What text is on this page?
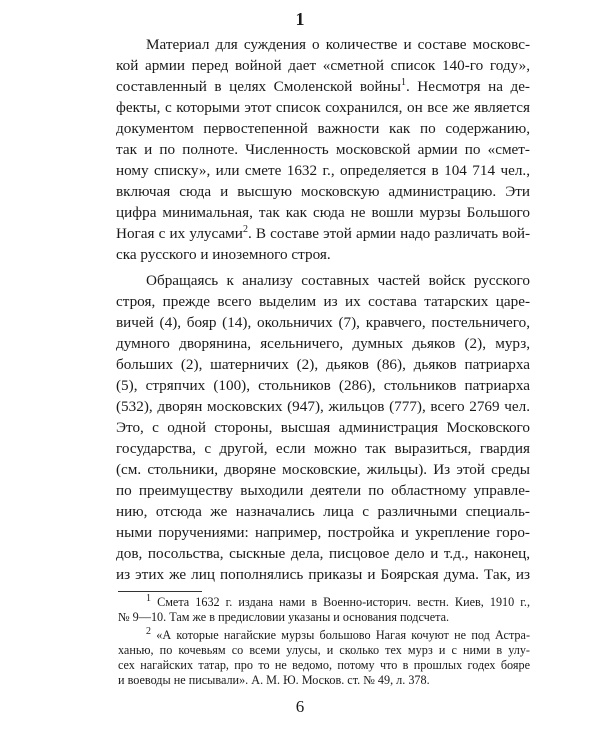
1
Материал для суждения о количестве и составе московс-
кой армии перед войной дает «сметной список 140-го году»,
составленный в целях Смоленской войны$^1$. Несмотря на де-
фекты, с которыми этот список сохранился, он все же является
документом первостепенной важности как по содержанию,
так и по полноте. Численность московской армии по «смет-
ному списку», или смете 1632 г., определяется в 104 714 чел.,
включая сюда и высшую московскую администрацию. Эти
цифра минимальная, так как сюда не вошли мурзы Большого
Ногая с их улусами$^2$. В составе этой армии надо различать вой-
ска русского и иноземного строя.
Обращаясь к анализу составных частей войск русского
строя, прежде всего выделим из их состава татарских царе-
вичей (4), бояр (14), окольничих (7), кравчего, постельничего,
думного дворянина, ясельничего, думных дьяков (2), мурз,
больших (2), шатерничих (2), дьяков (86), дьяков патриарха
(5), стряпчих (100), стольников (286), стольников патриарха
(532), дворян московских (947), жильцов (777), всего 2769 чел.
Это, с одной стороны, высшая администрация Московского
государства, с другой, если можно так выразиться, гвардия
(см. стольники, дворяне московские, жильцы). Из этой среды
по преимуществу выходили деятели по областному управле-
нию, отсюда же назначались лица с различными специаль-
ными поручениями: например, постройка и укрепление горо-
дов, посольства, сыскные дела, писцовое дело и т.д., наконец,
из этих же лиц пополнялись приказы и Боярская дума. Так, из
$^1$ Смета 1632 г. издана нами в Военно-историч. вестн. Киев, 1910 г.,
№ 9—10. Там же в предисловии указаны и основания подсчета.
$^2$ «А которые нагайские мурзы большово Нагая кочуют не под Астра-
ханью, по кочевьям со всеми улусы, и сколько тех мурз и с ними в улу-
сех нагайских татар, про то не ведомо, потому что в прошлых годех бояре
и воеводы не писывали». А. М. Ю. Москов. ст. № 49, л. 378.
6
